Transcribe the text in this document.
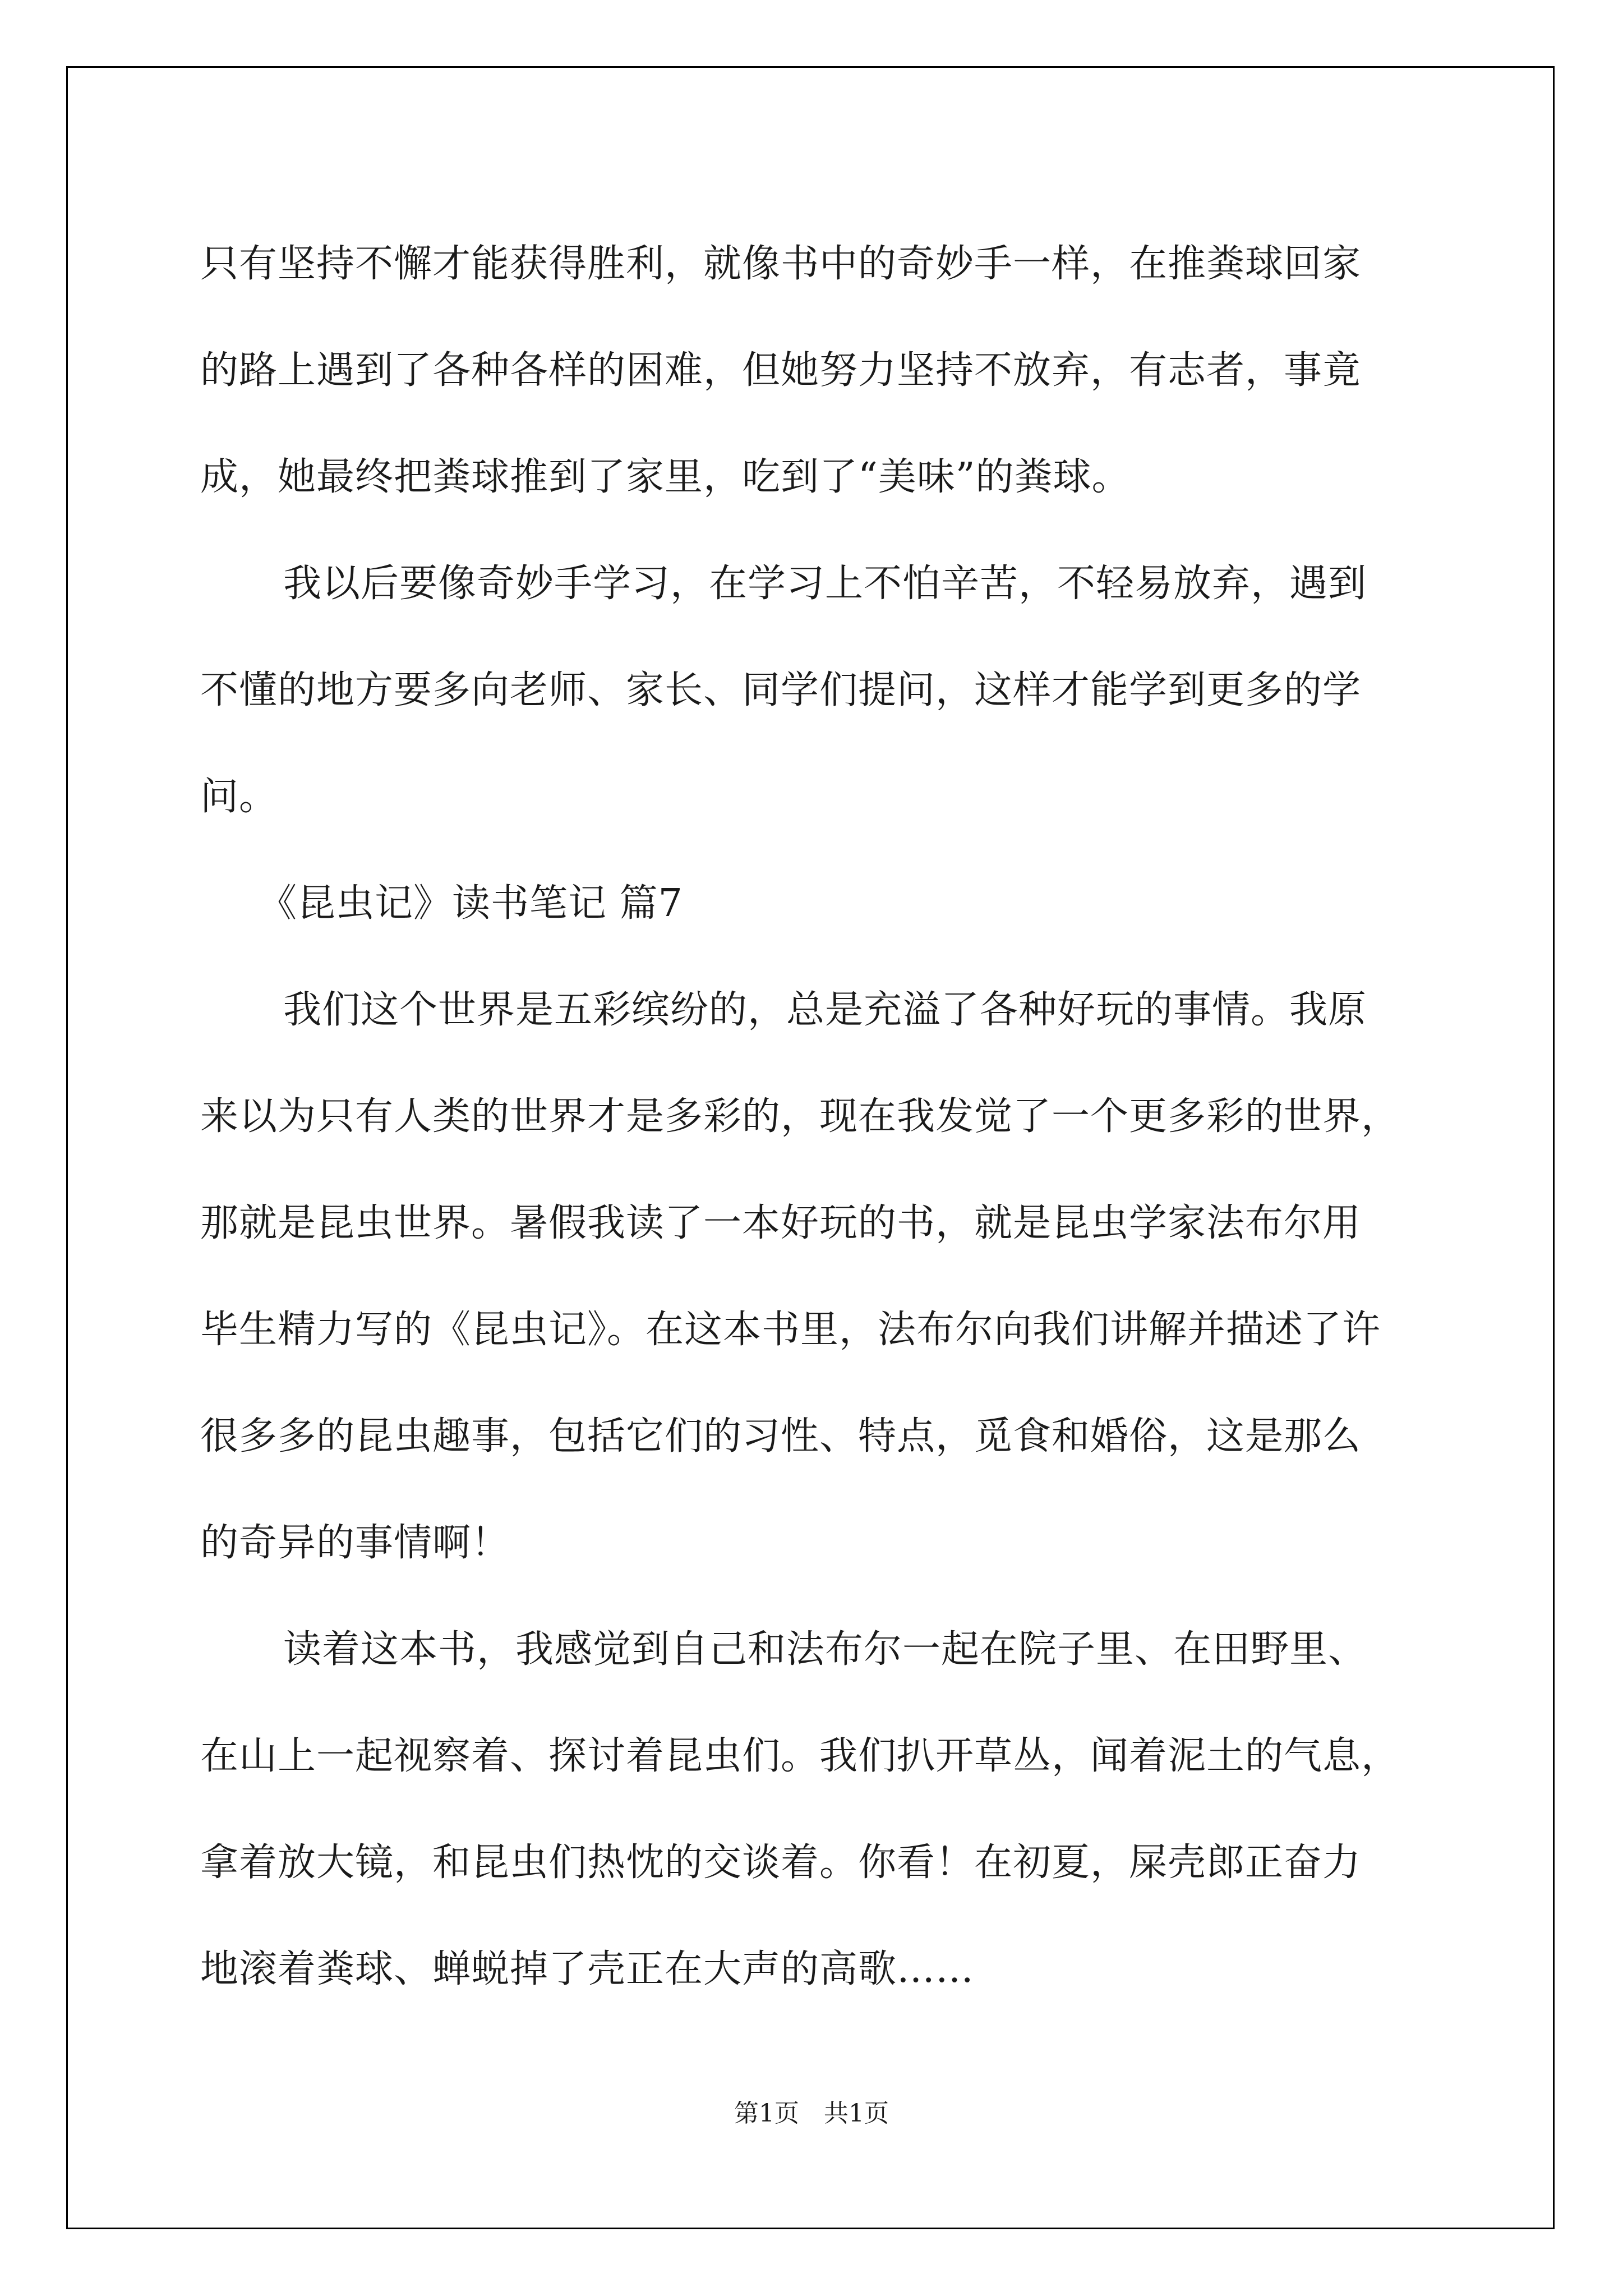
只有坚持不懈才能获得胜利，就像书中的奇妙手一样，在推粪球回家
的路上遇到了各种各样的困难，但她努力坚持不放弃，有志者，事竟
成，她最终把粪球推到了家里，吃到了“美味”的粪球。
我以后要像奇妙手学习，在学习上不怕辛苦，不轻易放弃，遇到
不懂的地方要多向老师、家长、同学们提问，这样才能学到更多的学
问。
《昆虫记》读书笔记 篇7
我们这个世界是五彩缤纷的，总是充溢了各种好玩的事情。我原
来以为只有人类的世界才是多彩的，现在我发觉了一个更多彩的世界，
那就是昆虫世界。暑假我读了一本好玩的书，就是昆虫学家法布尔用
毕生精力写的《昆虫记》。在这本书里，法布尔向我们讲解并描述了许
很多多的昆虫趣事，包括它们的习性、特点，觅食和婚俗，这是那么
的奇异的事情啊！
读着这本书，我感觉到自己和法布尔一起在院子里、在田野里、
在山上一起视察着、探讨着昆虫们。我们扒开草丛，闻着泥土的气息，
拿着放大镜，和昆虫们热忱的交谈着。你看！在初夏，屎壳郎正奋力
地滚着粪球、蝉蜕掉了壳正在大声的高歌……
第1页 共1页
